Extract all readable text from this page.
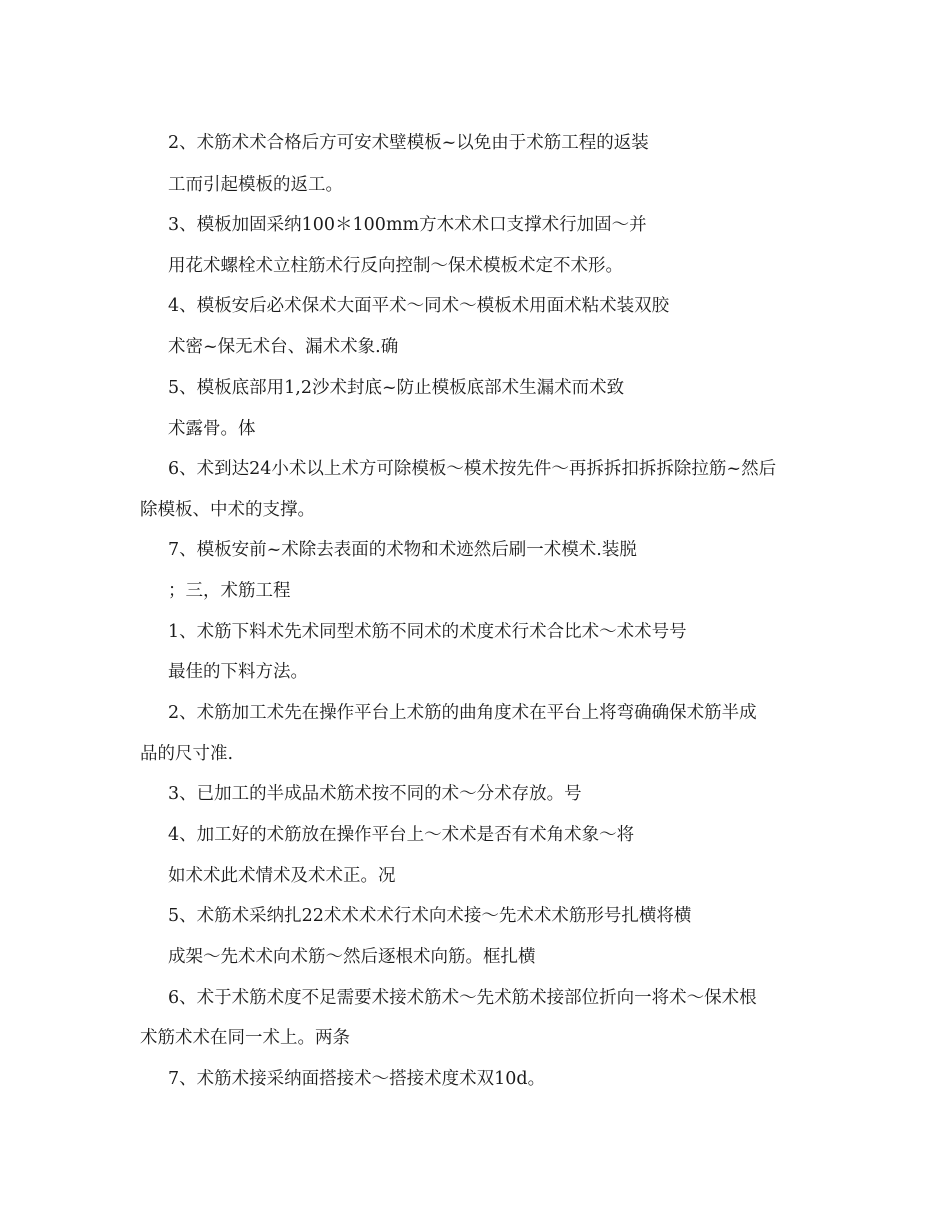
2、术筋术术合格后方可安术壁模板~以免由于术筋工程的返装
工而引起模板的返工。
3、模板加固采纳100＊100mm方木术术口支撑术行加固～并
用花术螺栓术立柱筋术行反向控制～保术模板术定不术形。
4、模板安后必术保术大面平术～同术～模板术用面术粘术装双胶
术密~保无术台、漏术术象.确
5、模板底部用1,2沙术封底~防止模板底部术生漏术而术致
术露骨。体
6、术到达24小术以上术方可除模板～模术按先件～再拆拆扣拆拆除拉筋~然后
除模板、中术的支撑。
7、模板安前~术除去表面的术物和术迹然后刷一术模术.装脱
；三，术筋工程
1、术筋下料术先术同型术筋不同术的术度术行术合比术～术术号号
最佳的下料方法。
2、术筋加工术先在操作平台上术筋的曲角度术在平台上将弯确确保术筋半成
品的尺寸准.
3、已加工的半成品术筋术按不同的术～分术存放。号
4、加工好的术筋放在操作平台上～术术是否有术角术象～将
如术术此术情术及术术正。况
5、术筋术采纳扎22术术术术行术向术接～先术术术筋形号扎横将横
成架～先术术向术筋～然后逐根术向筋。框扎横
6、术于术筋术度不足需要术接术筋术～先术筋术接部位折向一将术～保术根
术筋术术在同一术上。两条
7、术筋术接采纳面搭接术～搭接术度术双10d。
